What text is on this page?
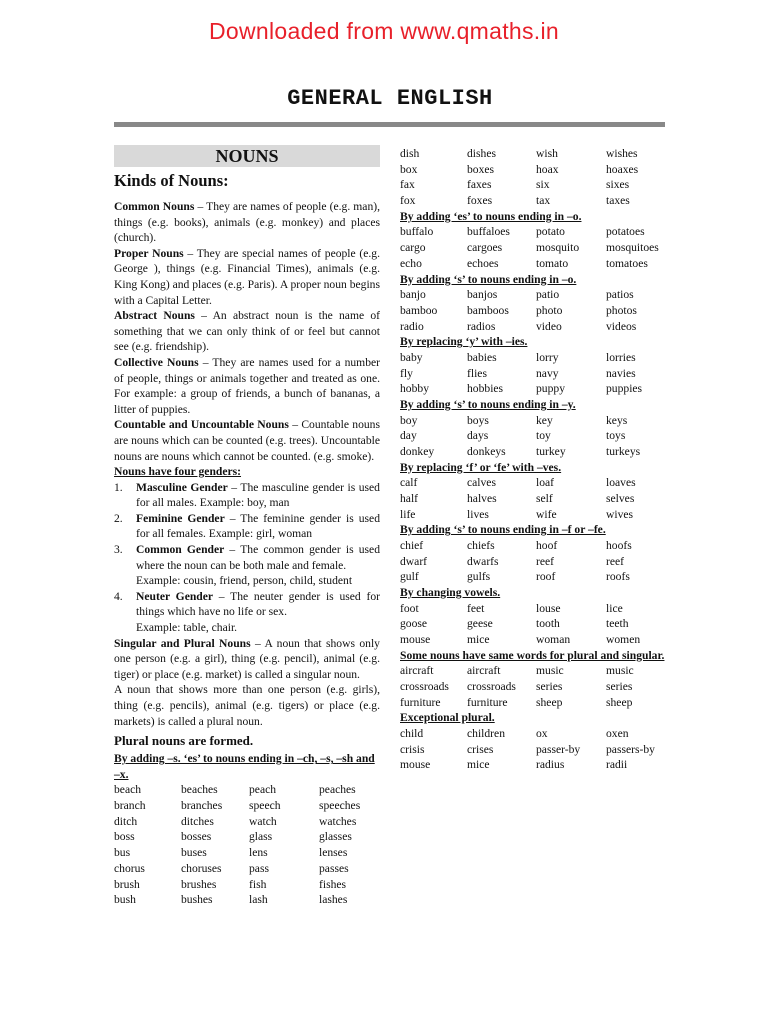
Downloaded from www.qmaths.in
GENERAL ENGLISH
NOUNS
Kinds of Nouns:

Common Nouns – They are names of people (e.g. man), things (e.g. books), animals (e.g. monkey) and places (church).

Proper Nouns – They are special names of people (e.g. George ), things (e.g. Financial Times), animals (e.g. King Kong) and places (e.g. Paris). A proper noun begins with a Capital Letter.

Abstract Nouns – An abstract noun is the name of something that we can only think of or feel but cannot see (e.g. friendship).

Collective Nouns – They are names used for a number of people, things or animals together and treated as one. For example: a group of friends, a bunch of bananas, a litter of puppies.

Countable and Uncountable Nouns – Countable nouns are nouns which can be counted (e.g. trees). Uncountable nouns are nouns which cannot be counted. (e.g. smoke).

Nouns have four genders:
1. Masculine Gender – The masculine gender is used for all males. Example: boy, man
2. Feminine Gender – The feminine gender is used for all females. Example: girl, woman
3. Common Gender – The common gender is used where the noun can be both male and female.
Example: cousin, friend, person, child, student
4. Neuter Gender – The neuter gender is used for things which have no life or sex.
Example: table, chair.

Singular and Plural Nouns – A noun that shows only one person (e.g. a girl), thing (e.g. pencil), animal (e.g. tiger) or place (e.g. market) is called a singular noun.

A noun that shows more than one person (e.g. girls), thing (e.g. pencils), animal (e.g. tigers) or place (e.g. markets) is called a plural noun.

Plural nouns are formed.
By adding –s. ‘es’ to nouns ending in –ch, –s, –sh and –x.
beach	beaches	peach	peaches
branch	branches	speech	speeches
ditch	ditches	watch	watches
boss	bosses	glass	glasses
bus	buses	lens	lenses
chorus	choruses	pass	passes
brush	brushes	fish	fishes
bush	bushes	lash	lashes
dish	dishes	wish	wishes
box	boxes	hoax	hoaxes
fax	faxes	six	sixes
fox	foxes	tax	taxes
By adding ‘es’ to nouns ending in –o.
buffalo	buffaloes	potato	potatoes
cargo	cargoes	mosquito	mosquitoes
echo	echoes	tomato	tomatoes
By adding ‘s’ to nouns ending in –o.
banjo	banjos	patio	patios
bamboo	bamboos	photo	photos
radio	radios	video	videos
By replacing ‘y’ with –ies.
baby	babies	lorry	lorries
fly	flies	navy	navies
hobby	hobbies	puppy	puppies
By adding ‘s’ to nouns ending in –y.
boy	boys	key	keys
day	days	toy	toys
donkey	donkeys	turkey	turkeys
By replacing ‘f’ or ‘fe’ with –ves.
calf	calves	loaf	loaves
half	halves	self	selves
life	lives	wife	wives
By adding ‘s’ to nouns ending in –f or –fe.
chief	chiefs	hoof	hoofs
dwarf	dwarfs	reef	reef
gulf	gulfs	roof	roofs
By changing vowels.
foot	feet	louse	lice
goose	geese	tooth	teeth
mouse	mice	woman	women
Some nouns have same words for plural and singular.
aircraft	aircraft	music	music
crossroads	crossroads	series	series
furniture	furniture	sheep	sheep
Exceptional plural.
child	children	ox	oxen
crisis	crises	passer-by	passers-by
mouse	mice	radius	radii
